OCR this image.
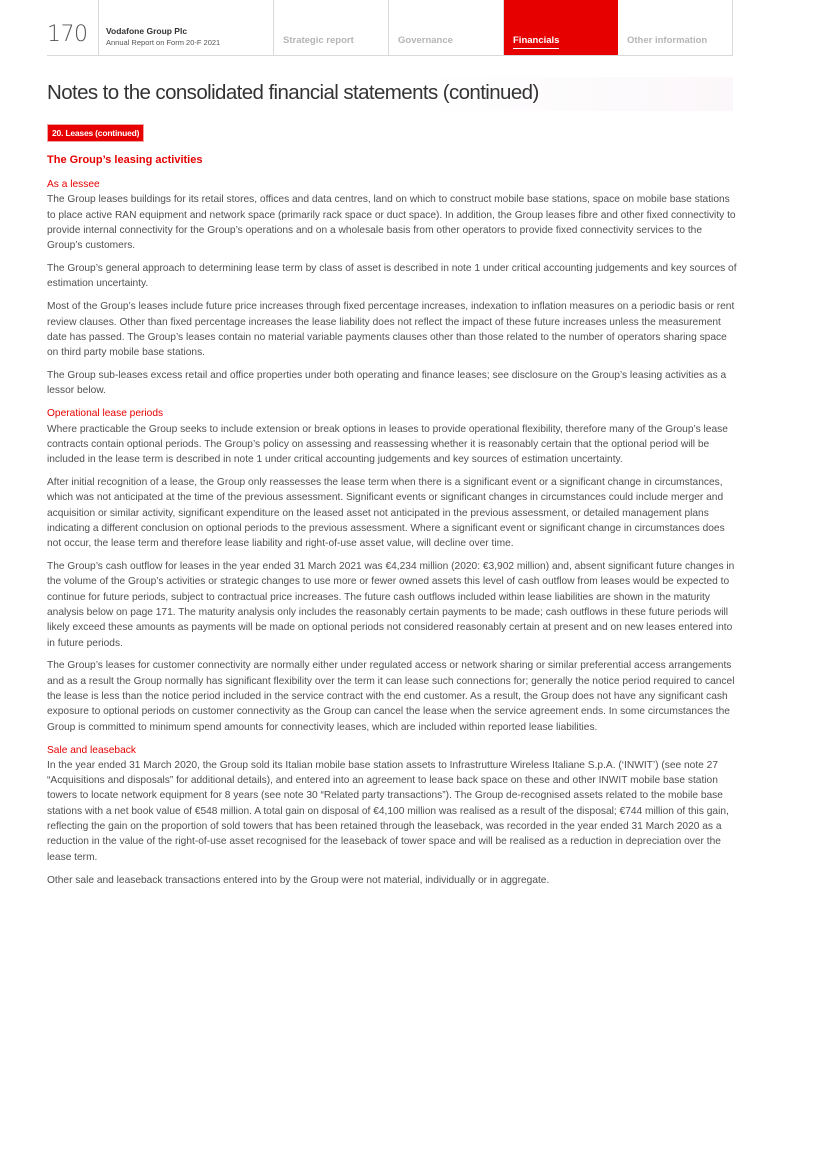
170 Vodafone Group Plc
Annual Report on Form 20-F 2021	Strategic report	Governance	Financials	Other information
Notes to the consolidated financial statements (continued)
20. Leases (continued)
The Group’s leasing activities
As a lessee

The Group leases buildings for its retail stores, offices and data centres, land on which to construct mobile base stations, space on mobile base stations to place active RAN equipment and network space (primarily rack space or duct space). In addition, the Group leases fibre and other fixed connectivity to provide internal connectivity for the Group’s operations and on a wholesale basis from other operators to provide fixed connectivity services to the Group’s customers.

The Group’s general approach to determining lease term by class of asset is described in note 1 under critical accounting judgements and key sources of estimation uncertainty.

Most of the Group’s leases include future price increases through fixed percentage increases, indexation to inflation measures on a periodic basis or rent review clauses. Other than fixed percentage increases the lease liability does not reflect the impact of these future increases unless the measurement date has passed. The Group’s leases contain no material variable payments clauses other than those related to the number of operators sharing space on third party mobile base stations.

The Group sub-leases excess retail and office properties under both operating and finance leases; see disclosure on the Group’s leasing activities as a lessor below.

Operational lease periods

Where practicable the Group seeks to include extension or break options in leases to provide operational flexibility, therefore many of the Group’s lease contracts contain optional periods. The Group’s policy on assessing and reassessing whether it is reasonably certain that the optional period will be included in the lease term is described in note 1 under critical accounting judgements and key sources of estimation uncertainty.

After initial recognition of a lease, the Group only reassesses the lease term when there is a significant event or a significant change in circumstances, which was not anticipated at the time of the previous assessment. Significant events or significant changes in circumstances could include merger and acquisition or similar activity, significant expenditure on the leased asset not anticipated in the previous assessment, or detailed management plans indicating a different conclusion on optional periods to the previous assessment. Where a significant event or significant change in circumstances does not occur, the lease term and therefore lease liability and right-of-use asset value, will decline over time.

The Group’s cash outflow for leases in the year ended 31 March 2021 was €4,234 million (2020: €3,902 million) and, absent significant future changes in the volume of the Group’s activities or strategic changes to use more or fewer owned assets this level of cash outflow from leases would be expected to continue for future periods, subject to contractual price increases. The future cash outflows included within lease liabilities are shown in the maturity analysis below on page 171. The maturity analysis only includes the reasonably certain payments to be made; cash outflows in these future periods will likely exceed these amounts as payments will be made on optional periods not considered reasonably certain at present and on new leases entered into in future periods.

The Group’s leases for customer connectivity are normally either under regulated access or network sharing or similar preferential access arrangements and as a result the Group normally has significant flexibility over the term it can lease such connections for; generally the notice period required to cancel the lease is less than the notice period included in the service contract with the end customer. As a result, the Group does not have any significant cash exposure to optional periods on customer connectivity as the Group can cancel the lease when the service agreement ends. In some circumstances the Group is committed to minimum spend amounts for connectivity leases, which are included within reported lease liabilities.

Sale and leaseback

In the year ended 31 March 2020, the Group sold its Italian mobile base station assets to Infrastrutture Wireless Italiane S.p.A. (‘INWIT’) (see note 27 “Acquisitions and disposals” for additional details), and entered into an agreement to lease back space on these and other INWIT mobile base station towers to locate network equipment for 8 years (see note 30 “Related party transactions”). The Group de-recognised assets related to the mobile base stations with a net book value of €548 million. A total gain on disposal of €4,100 million was realised as a result of the disposal; €744 million of this gain, reflecting the gain on the proportion of sold towers that has been retained through the leaseback, was recorded in the year ended 31 March 2020 as a reduction in the value of the right-of-use asset recognised for the leaseback of tower space and will be realised as a reduction in depreciation over the lease term.

Other sale and leaseback transactions entered into by the Group were not material, individually or in aggregate.
